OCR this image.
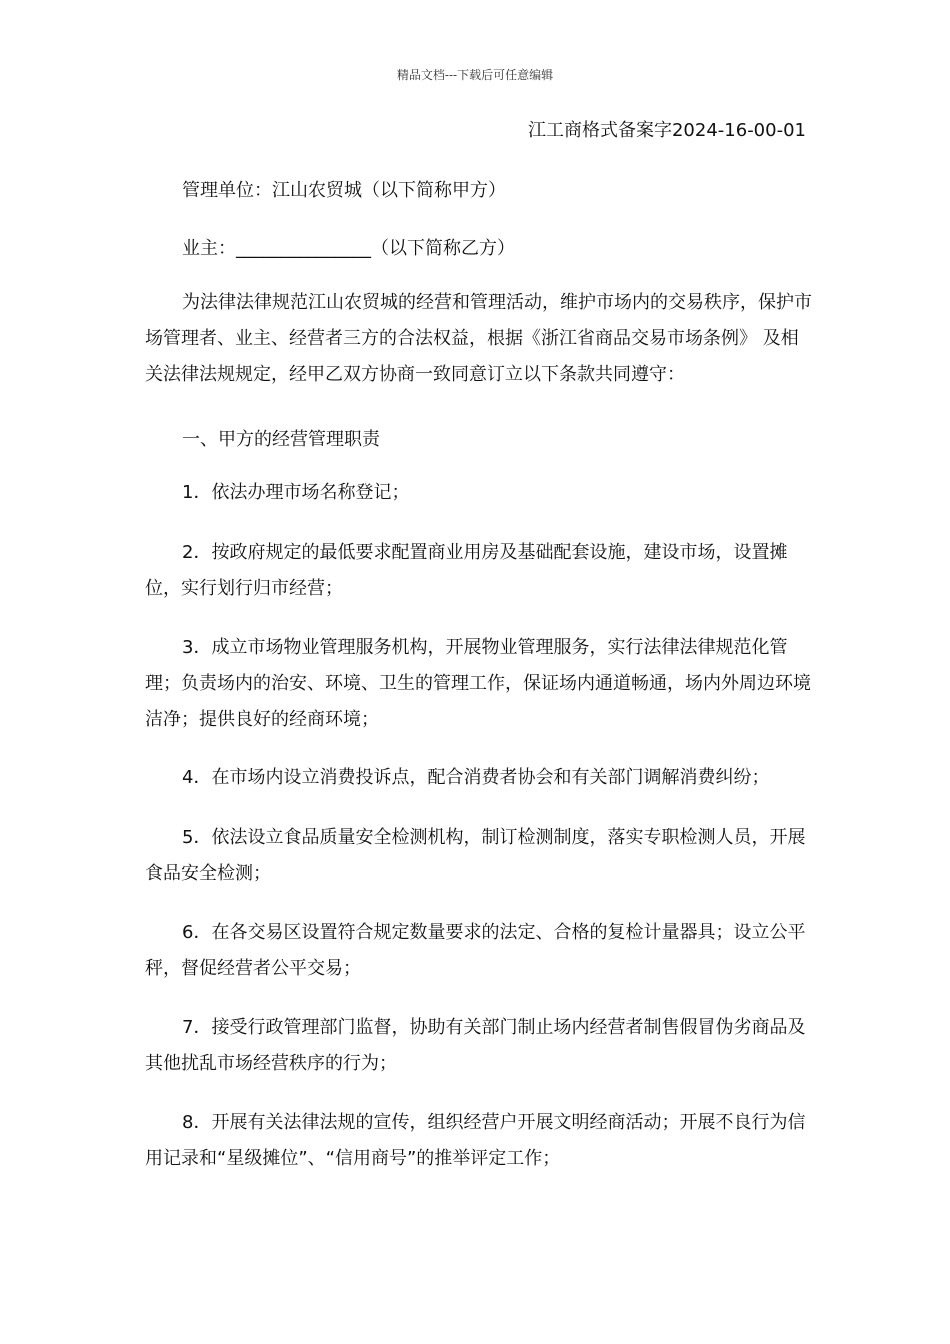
精品文档---下载后可任意编辑
江工商格式备案字2024-16-00-01
管理单位：江山农贸城（以下简称甲方）
业主：_______________（以下简称乙方）
为法律法律规范江山农贸城的经营和管理活动，维护市场内的交易秩序，保护市场管理者、业主、经营者三方的合法权益，根据《浙江省商品交易市场条例》 及相关法律法规规定，经甲乙双方协商一致同意订立以下条款共同遵守：
一、甲方的经营管理职责
1．依法办理市场名称登记；
2．按政府规定的最低要求配置商业用房及基础配套设施，建设市场，设置摊位，实行划行归市经营；
3．成立市场物业管理服务机构，开展物业管理服务，实行法律法律规范化管理；负责场内的治安、环境、卫生的管理工作，保证场内通道畅通，场内外周边环境洁净；提供良好的经商环境；
4．在市场内设立消费投诉点，配合消费者协会和有关部门调解消费纠纷；
5．依法设立食品质量安全检测机构，制订检测制度，落实专职检测人员，开展食品安全检测；
6．在各交易区设置符合规定数量要求的法定、合格的复检计量器具；设立公平秤，督促经营者公平交易；
7．接受行政管理部门监督，协助有关部门制止场内经营者制售假冒伪劣商品及其他扰乱市场经营秩序的行为；
8．开展有关法律法规的宣传，组织经营户开展文明经商活动；开展不良行为信用记录和“星级摊位”、“信用商号”的推举评定工作；
